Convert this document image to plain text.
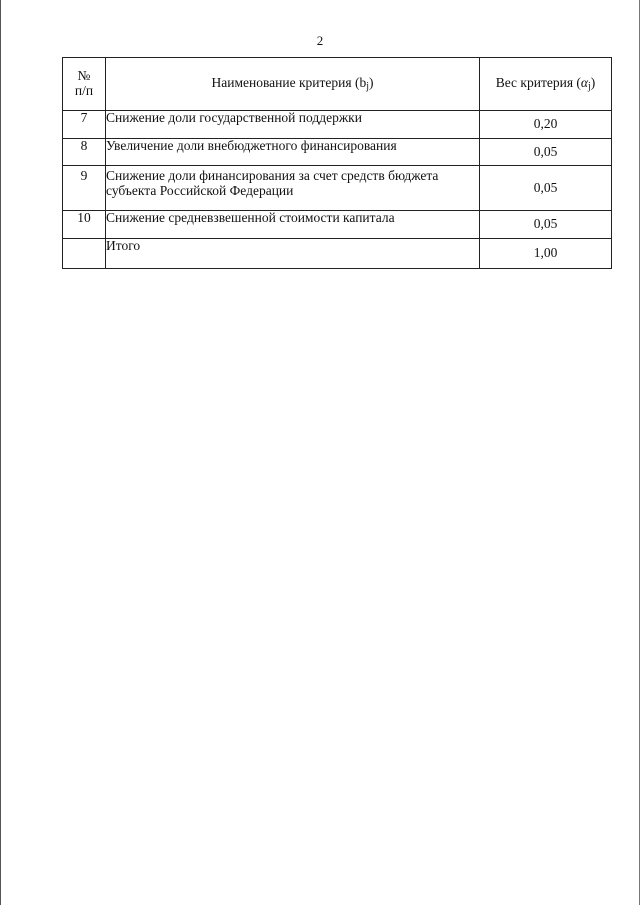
2
№
п/п	Наименование критерия $(b_j)$	Вес критерия $(\alpha_j)$
7	Снижение доли государственной поддержки	0,20
8	Увеличение доли внебюджетного финансирования	0,05
9	Снижение доли финансирования за счет средств бюджета субъекта Российской Федерации	0,05
10	Снижение средневзвешенной стоимости капитала	0,05
	Итого	1,00
